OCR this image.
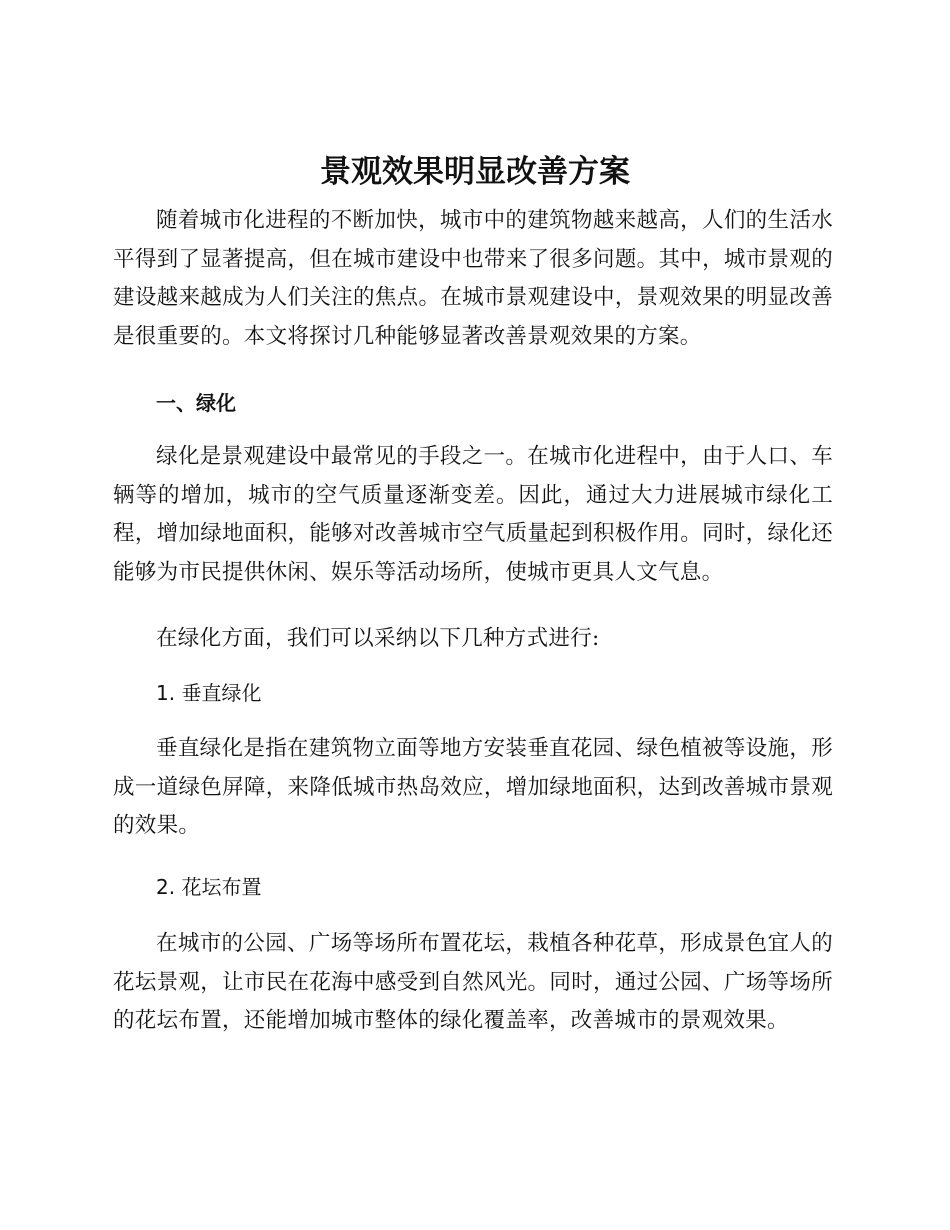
景观效果明显改善方案

随着城市化进程的不断加快，城市中的建筑物越来越高，人们的生活水平得到了显著提高，但在城市建设中也带来了很多问题。其中，城市景观的建设越来越成为人们关注的焦点。在城市景观建设中，景观效果的明显改善是很重要的。本文将探讨几种能够显著改善景观效果的方案。

一、绿化

绿化是景观建设中最常见的手段之一。在城市化进程中，由于人口、车辆等的增加，城市的空气质量逐渐变差。因此，通过大力进展城市绿化工程，增加绿地面积，能够对改善城市空气质量起到积极作用。同时，绿化还能够为市民提供休闲、娱乐等活动场所，使城市更具人文气息。

在绿化方面，我们可以采纳以下几种方式进行:

1. 垂直绿化

垂直绿化是指在建筑物立面等地方安装垂直花园、绿色植被等设施，形成一道绿色屏障，来降低城市热岛效应，增加绿地面积，达到改善城市景观的效果。

2. 花坛布置

在城市的公园、广场等场所布置花坛，栽植各种花草，形成景色宜人的花坛景观，让市民在花海中感受到自然风光。同时，通过公园、广场等场所的花坛布置，还能增加城市整体的绿化覆盖率，改善城市的景观效果。
